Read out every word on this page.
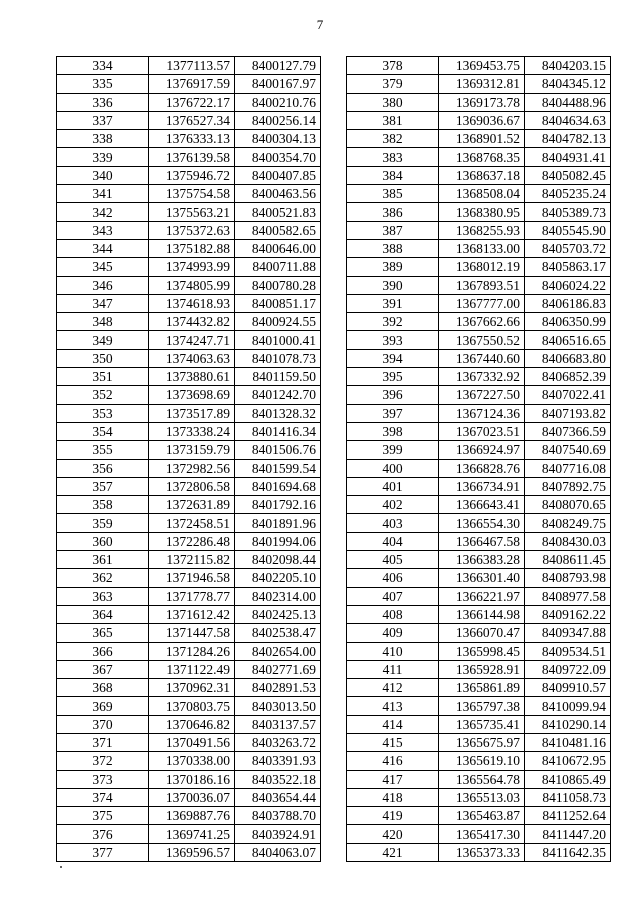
7
334	1377113.57	8400127.79
335	1376917.59	8400167.97
336	1376722.17	8400210.76
337	1376527.34	8400256.14
338	1376333.13	8400304.13
339	1376139.58	8400354.70
340	1375946.72	8400407.85
341	1375754.58	8400463.56
342	1375563.21	8400521.83
343	1375372.63	8400582.65
344	1375182.88	8400646.00
345	1374993.99	8400711.88
346	1374805.99	8400780.28
347	1374618.93	8400851.17
348	1374432.82	8400924.55
349	1374247.71	8401000.41
350	1374063.63	8401078.73
351	1373880.61	8401159.50
352	1373698.69	8401242.70
353	1373517.89	8401328.32
354	1373338.24	8401416.34
355	1373159.79	8401506.76
356	1372982.56	8401599.54
357	1372806.58	8401694.68
358	1372631.89	8401792.16
359	1372458.51	8401891.96
360	1372286.48	8401994.06
361	1372115.82	8402098.44
362	1371946.58	8402205.10
363	1371778.77	8402314.00
364	1371612.42	8402425.13
365	1371447.58	8402538.47
366	1371284.26	8402654.00
367	1371122.49	8402771.69
368	1370962.31	8402891.53
369	1370803.75	8403013.50
370	1370646.82	8403137.57
371	1370491.56	8403263.72
372	1370338.00	8403391.93
373	1370186.16	8403522.18
374	1370036.07	8403654.44
375	1369887.76	8403788.70
376	1369741.25	8403924.91
377	1369596.57	8404063.07
378	1369453.75	8404203.15
379	1369312.81	8404345.12
380	1369173.78	8404488.96
381	1369036.67	8404634.63
382	1368901.52	8404782.13
383	1368768.35	8404931.41
384	1368637.18	8405082.45
385	1368508.04	8405235.24
386	1368380.95	8405389.73
387	1368255.93	8405545.90
388	1368133.00	8405703.72
389	1368012.19	8405863.17
390	1367893.51	8406024.22
391	1367777.00	8406186.83
392	1367662.66	8406350.99
393	1367550.52	8406516.65
394	1367440.60	8406683.80
395	1367332.92	8406852.39
396	1367227.50	8407022.41
397	1367124.36	8407193.82
398	1367023.51	8407366.59
399	1366924.97	8407540.69
400	1366828.76	8407716.08
401	1366734.91	8407892.75
402	1366643.41	8408070.65
403	1366554.30	8408249.75
404	1366467.58	8408430.03
405	1366383.28	8408611.45
406	1366301.40	8408793.98
407	1366221.97	8408977.58
408	1366144.98	8409162.22
409	1366070.47	8409347.88
410	1365998.45	8409534.51
411	1365928.91	8409722.09
412	1365861.89	8409910.57
413	1365797.38	8410099.94
414	1365735.41	8410290.14
415	1365675.97	8410481.16
416	1365619.10	8410672.95
417	1365564.78	8410865.49
418	1365513.03	8411058.73
419	1365463.87	8411252.64
420	1365417.30	8411447.20
421	1365373.33	8411642.35
